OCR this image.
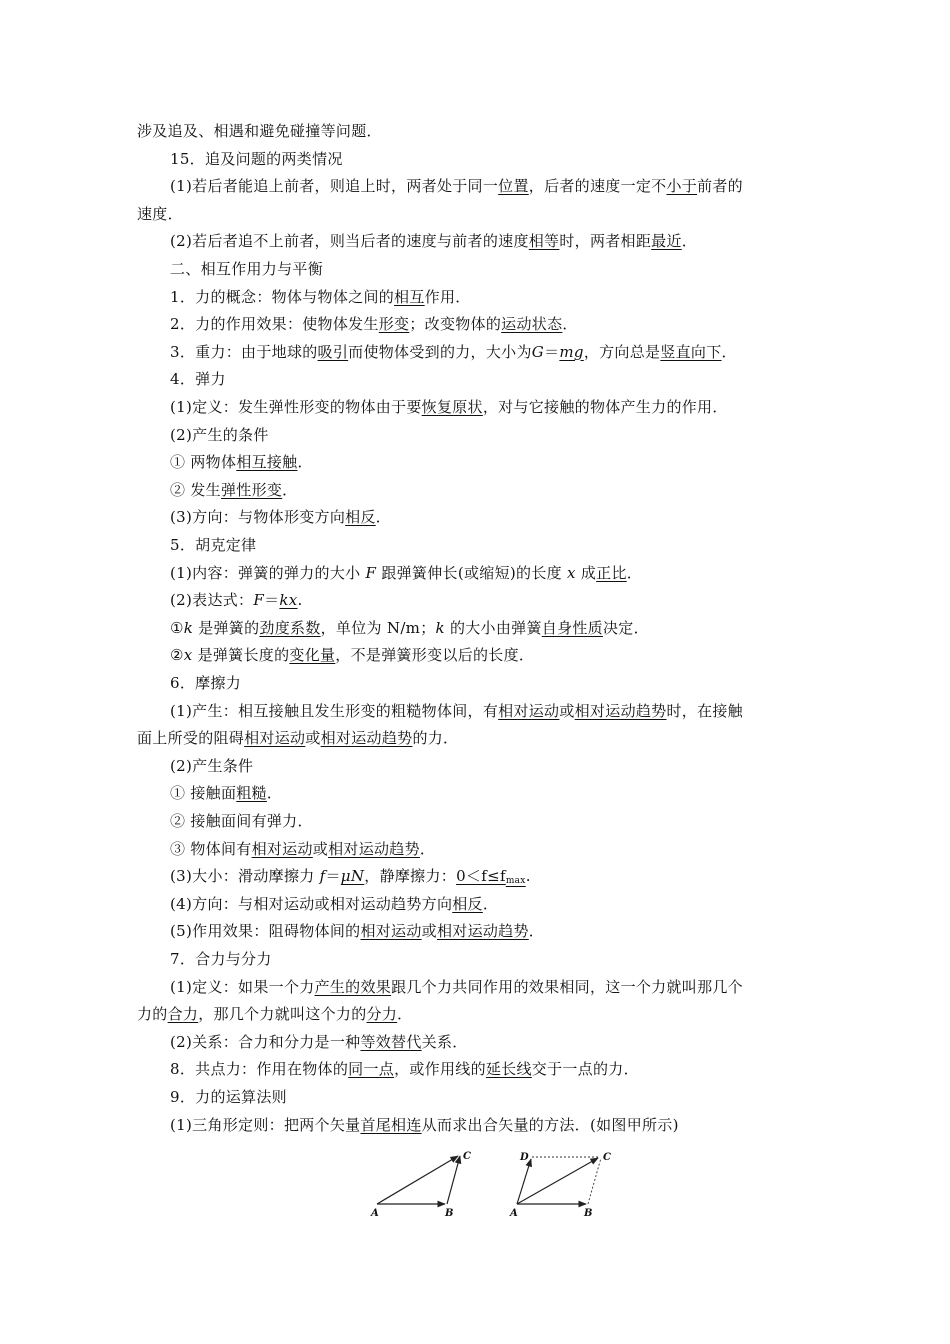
涉及追及、相遇和避免碰撞等问题．
15．追及问题的两类情况
(1)若后者能追上前者，则追上时，两者处于同一位置，后者的速度一定不小于前者的
速度．
(2)若后者追不上前者，则当后者的速度与前者的速度相等时，两者相距最近．
二、相互作用力与平衡
1．力的概念：物体与物体之间的相互作用．
2．力的作用效果：使物体发生形变；改变物体的运动状态．
3．重力：由于地球的吸引而使物体受到的力，大小为G＝mg，方向总是竖直向下．
4．弹力
(1)定义：发生弹性形变的物体由于要恢复原状，对与它接触的物体产生力的作用．
(2)产生的条件
① 两物体相互接触．
② 发生弹性形变．
(3)方向：与物体形变方向相反．
5．胡克定律
(1)内容：弹簧的弹力的大小 F 跟弹簧伸长(或缩短)的长度 x 成正比．
(2)表达式：F＝kx.
①k 是弹簧的劲度系数，单位为 N/m；k 的大小由弹簧自身性质决定．
②x 是弹簧长度的变化量，不是弹簧形变以后的长度．
6．摩擦力
(1)产生：相互接触且发生形变的粗糙物体间，有相对运动或相对运动趋势时，在接触
面上所受的阻碍相对运动或相对运动趋势的力．
(2)产生条件
① 接触面粗糙．
② 接触面间有弹力．
③ 物体间有相对运动或相对运动趋势．
(3)大小：滑动摩擦力 f＝μN，静摩擦力：$0<f\le f_{max}$.
(4)方向：与相对运动或相对运动趋势方向相反．
(5)作用效果：阻碍物体间的相对运动或相对运动趋势．
7．合力与分力
(1)定义：如果一个力产生的效果跟几个力共同作用的效果相同，这一个力就叫那几个
力的合力，那几个力就叫这个力的分力．
(2)关系：合力和分力是一种等效替代关系．
8．共点力：作用在物体的同一点，或作用线的延长线交于一点的力．
9．力的运算法则
(1)三角形定则：把两个矢量首尾相连从而求出合矢量的方法．(如图甲所示)
A	B
C
A	B
C
D
